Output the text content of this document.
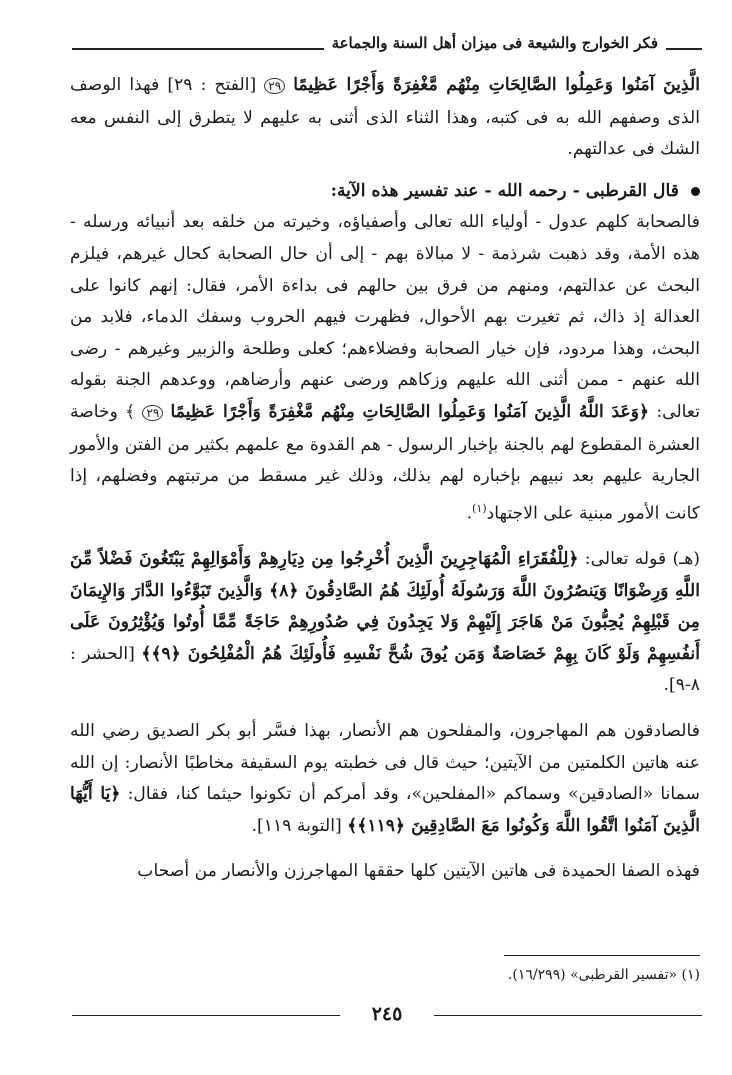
فكر الخوارج والشيعة فى ميزان أهل السنة والجماعة

الَّذِينَ آمَنُوا وَعَمِلُوا الصَّالِحَاتِ مِنْهُم مَّغْفِرَةً وَأَجْرًا عَظِيمًا ٢٩ [الفتح : ٢٩] فهذا الوصف الذى وصفهم الله به فى كتبه، وهذا الثناء الذى أثنى به عليهم لا يتطرق إلى النفس معه الشك فى عدالتهم.

قال القرطبى - رحمه الله - عند تفسير هذه الآية:

فالصحابة كلهم عدول - أولياء الله تعالى وأصفياؤه، وخيرته من خلقه بعد أنبيائه ورسله - هذه الأمة، وقد ذهبت شرذمة - لا مبالاة بهم - إلى أن حال الصحابة كحال غيرهم، فيلزم البحث عن عدالتهم، ومنهم من فرق بين حالهم فى بداءة الأمر، فقال: إنهم كانوا على العدالة إذ ذاك، ثم تغيرت بهم الأحوال، فظهرت فيهم الحروب وسفك الدماء، فلابد من البحث، وهذا مردود، فإن خيار الصحابة وفضلاءهم؛ كعلى وطلحة والزبير وغيرهم - رضى الله عنهم - ممن أثنى الله عليهم وزكاهم ورضى عنهم وأرضاهم، ووعدهم الجنة بقوله تعالى: ﴿وَعَدَ اللَّهُ الَّذِينَ آمَنُوا وَعَمِلُوا الصَّالِحَاتِ مِنْهُم مَّغْفِرَةً وَأَجْرًا عَظِيمًا ٢٩ ﴾ وخاصة العشرة المقطوع لهم بالجنة بإخبار الرسول - هم القدوة مع علمهم بكثير من الفتن والأمور الجارية عليهم بعد نبيهم بإخباره لهم بذلك، وذلك غير مسقط من مرتبتهم وفضلهم، إذا كانت الأمور مبنية على الاجتهاد$^{(١)}$.

(هـ) قوله تعالى: ﴿لِلْفُقَرَاءِ الْمُهَاجِرِينَ الَّذِينَ أُخْرِجُوا مِن دِيَارِهِمْ وَأَمْوَالِهِمْ يَبْتَغُونَ فَضْلاً مِّنَ اللَّهِ وَرِضْوَانًا وَيَنصُرُونَ اللَّهَ وَرَسُولَهُ أُولَئِكَ هُمُ الصَّادِقُونَ ﴿٨﴾ وَالَّذِينَ تَبَوَّءُوا الدَّارَ وَالإِيمَانَ مِن قَبْلِهِمْ يُحِبُّونَ مَنْ هَاجَرَ إِلَيْهِمْ وَلا يَجِدُونَ فِي صُدُورِهِمْ حَاجَةً مِّمَّا أُوتُوا وَيُؤْثِرُونَ عَلَى أَنفُسِهِمْ وَلَوْ كَانَ بِهِمْ خَصَاصَةٌ وَمَن يُوقَ شُحَّ نَفْسِهِ فَأُولَئِكَ هُمُ الْمُفْلِحُونَ ﴿٩﴾﴾ [الحشر : ٨-٩].

فالصادقون هم المهاجرون، والمفلحون هم الأنصار، بهذا فسَّر أبو بكر الصديق رضي الله عنه هاتين الكلمتين من الآيتين؛ حيث قال فى خطبته يوم السقيفة مخاطبًا الأنصار: إن الله سمانا «الصادقين» وسماكم «المفلحين»، وقد أمركم أن تكونوا حيثما كنا، فقال: ﴿يَا أَيُّهَا الَّذِينَ آمَنُوا اتَّقُوا اللَّهَ وَكُونُوا مَعَ الصَّادِقِينَ ﴿١١٩﴾﴾ [التوبة ١١٩].

فهذه الصفا الحميدة فى هاتين الآيتين كلها حققها المهاجرزن والأنصار من أصحاب

(١) «تفسير القرطبى» (١٦/٢٩٩).
٢٤٥
